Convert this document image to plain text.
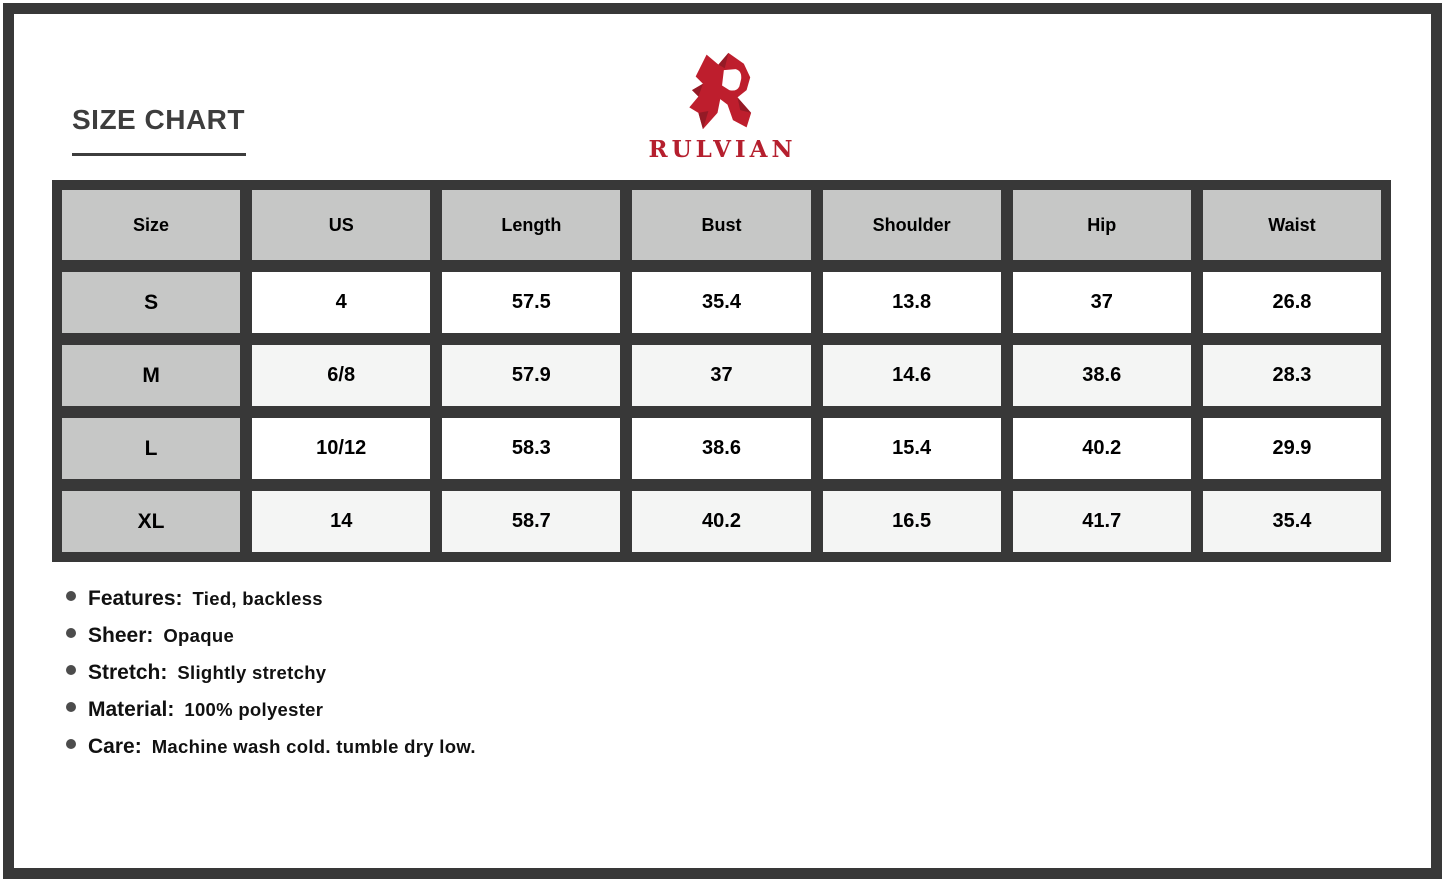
SIZE CHART
RULVIAN
Size	US	Length	Bust	Shoulder	Hip	Waist
S	4	57.5	35.4	13.8	37	26.8
M	6/8	57.9	37	14.6	38.6	28.3
L	10/12	58.3	38.6	15.4	40.2	29.9
XL	14	58.7	40.2	16.5	41.7	35.4
Features: Tied, backless
Sheer: Opaque
Stretch: Slightly stretchy
Material: 100% polyester
Care: Machine wash cold. tumble dry low.
